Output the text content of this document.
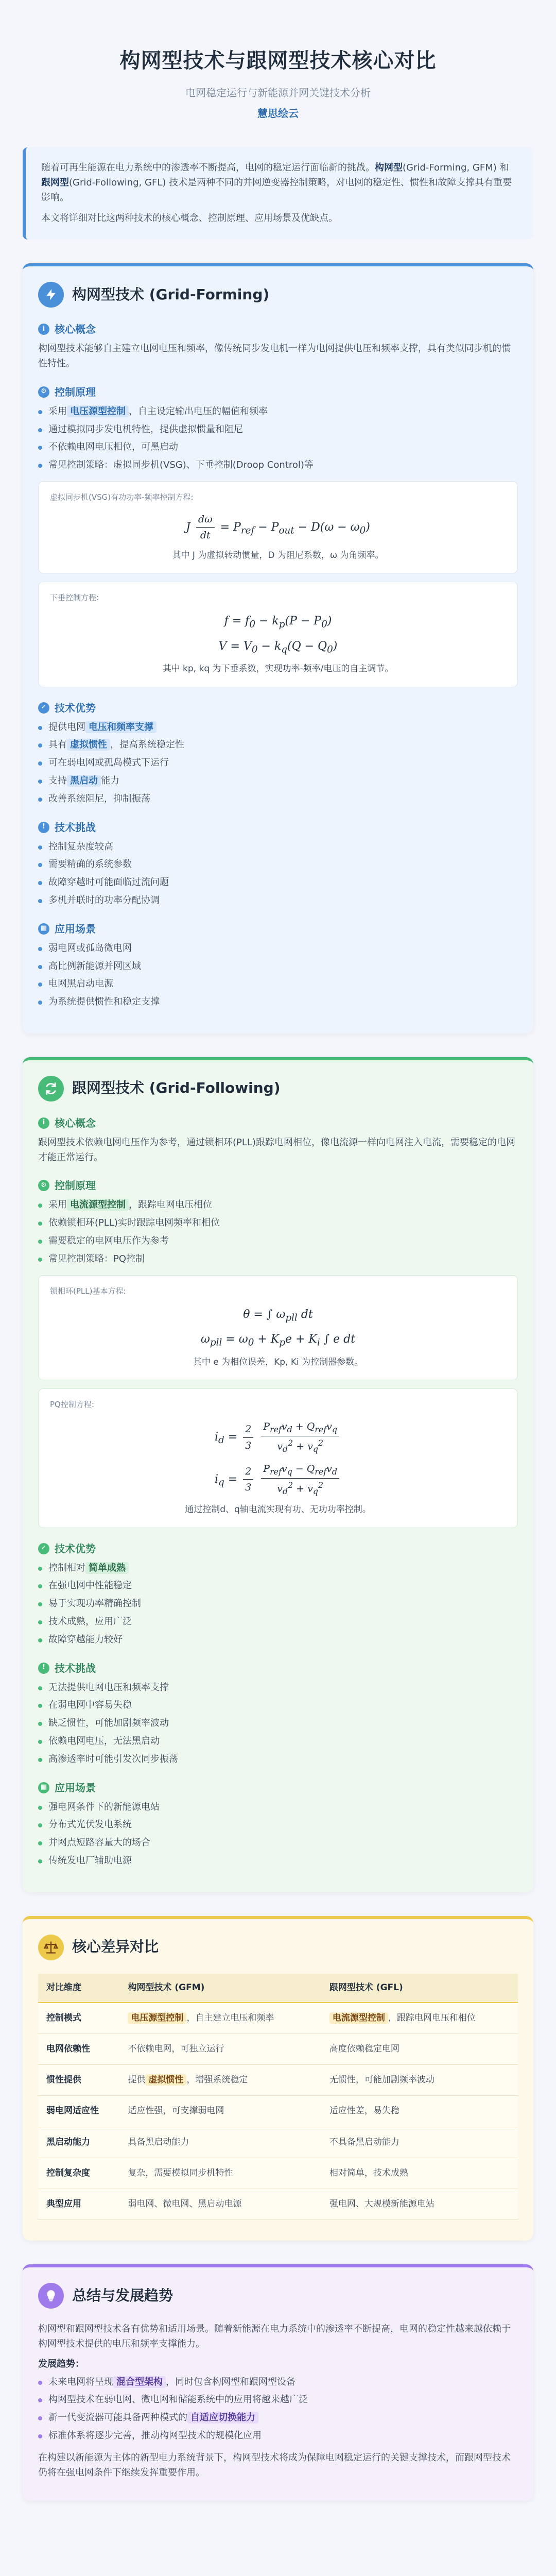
构网型技术与跟网型技术核心对比
电网稳定运行与新能源并网关键技术分析
慧思绘云

随着可再生能源在电力系统中的渗透率不断提高，电网的稳定运行面临新的挑战。构网型(Grid-Forming, GFM) 和跟网型(Grid-Following, GFL) 技术是两种不同的并网逆变器控制策略，对电网的稳定性、惯性和故障支撑具有重要影响。

本文将详细对比这两种技术的核心概念、控制原理、应用场景及优缺点。

构网型技术 (Grid-Forming)
i 核心概念

构网型技术能够自主建立电网电压和频率，像传统同步发电机一样为电网提供电压和频率支撑，具有类似同步机的惯性特性。

⚙ 控制原理
采用 电压源型控制 ，自主设定输出电压的幅值和频率
通过模拟同步发电机特性，提供虚拟惯量和阻尼
不依赖电网电压相位，可黑启动
常见控制策略：虚拟同步机(VSG)、下垂控制(Droop Control)等
虚拟同步机(VSG)有功功率-频率控制方程:
J $\frac{d\omega}{dt} = P_{ref} - P_{out} - D(\omega - \omega_0)$
其中 J 为虚拟转动惯量，D 为阻尼系数，ω 为角频率。
下垂控制方程:
$f = f_0 - k_p(P - P_0)$
$V = V_0 - k_q(Q - Q_0)$
其中 kp, kq 为下垂系数，实现功率-频率/电压的自主调节。
✓ 技术优势
提供电网 电压和频率支撑
具有 虚拟惯性 ，提高系统稳定性
可在弱电网或孤岛模式下运行
支持 黑启动 能力
改善系统阻尼，抑制振荡
! 技术挑战
控制复杂度较高
需要精确的系统参数
故障穿越时可能面临过流问题
多机并联时的功率分配协调
▦ 应用场景
弱电网或孤岛微电网
高比例新能源并网区域
电网黑启动电源
为系统提供惯性和稳定支撑
跟网型技术 (Grid-Following)
i 核心概念

跟网型技术依赖电网电压作为参考，通过锁相环(PLL)跟踪电网相位，像电流源一样向电网注入电流，需要稳定的电网才能正常运行。

⚙ 控制原理
采用 电流源型控制 ，跟踪电网电压相位
依赖锁相环(PLL)实时跟踪电网频率和相位
需要稳定的电网电压作为参考
常见控制策略：PQ控制
锁相环(PLL)基本方程:
θ = ∫ $\omega_{pll}$ dt
$\omega_{pll} = \omega_0 + K_pe + K_i$ ∫ e dt
其中 e 为相位误差，Kp, Ki 为控制器参数。
PQ控制方程:
$i_d = \frac{2}{3}$
$\frac{P_{ref}v_d + Q_{ref}v_q}{v_d^2 + v_q^2}$
$i_q = \frac{2}{3}$
$\frac{P_{ref}v_q - Q_{ref}v_d}{v_d^2 + v_q^2}$
通过控制d、q轴电流实现有功、无功功率控制。
✓ 技术优势
控制相对 简单成熟
在强电网中性能稳定
易于实现功率精确控制
技术成熟，应用广泛
故障穿越能力较好
! 技术挑战
无法提供电网电压和频率支撑
在弱电网中容易失稳
缺乏惯性，可能加剧频率波动
依赖电网电压，无法黑启动
高渗透率时可能引发次同步振荡
▦ 应用场景
强电网条件下的新能源电站
分布式光伏发电系统
并网点短路容量大的场合
传统发电厂辅助电源
核心差异对比
对比维度	构网型技术 (GFM)	跟网型技术 (GFL)
控制模式	电压源型控制 ，自主建立电压和频率	电流源型控制 ，跟踪电网电压和相位
电网依赖性	不依赖电网，可独立运行	高度依赖稳定电网
惯性提供	提供 虚拟惯性 ，增强系统稳定	无惯性，可能加剧频率波动
弱电网适应性	适应性强，可支撑弱电网	适应性差，易失稳
黑启动能力	具备黑启动能力	不具备黑启动能力
控制复杂度	复杂，需要模拟同步机特性	相对简单，技术成熟
典型应用	弱电网、微电网、黑启动电源	强电网、大规模新能源电站
总结与发展趋势

构网型和跟网型技术各有优势和适用场景。随着新能源在电力系统中的渗透率不断提高，电网的稳定性越来越依赖于构网型技术提供的电压和频率支撑能力。

发展趋势：

未来电网将呈现 混合型架构 ，同时包含构网型和跟网型设备
构网型技术在弱电网、微电网和储能系统中的应用将越来越广泛
新一代变流器可能具备两种模式的 自适应切换能力
标准体系将逐步完善，推动构网型技术的规模化应用

在构建以新能源为主体的新型电力系统背景下，构网型技术将成为保障电网稳定运行的关键支撑技术，而跟网型技术仍将在强电网条件下继续发挥重要作用。
